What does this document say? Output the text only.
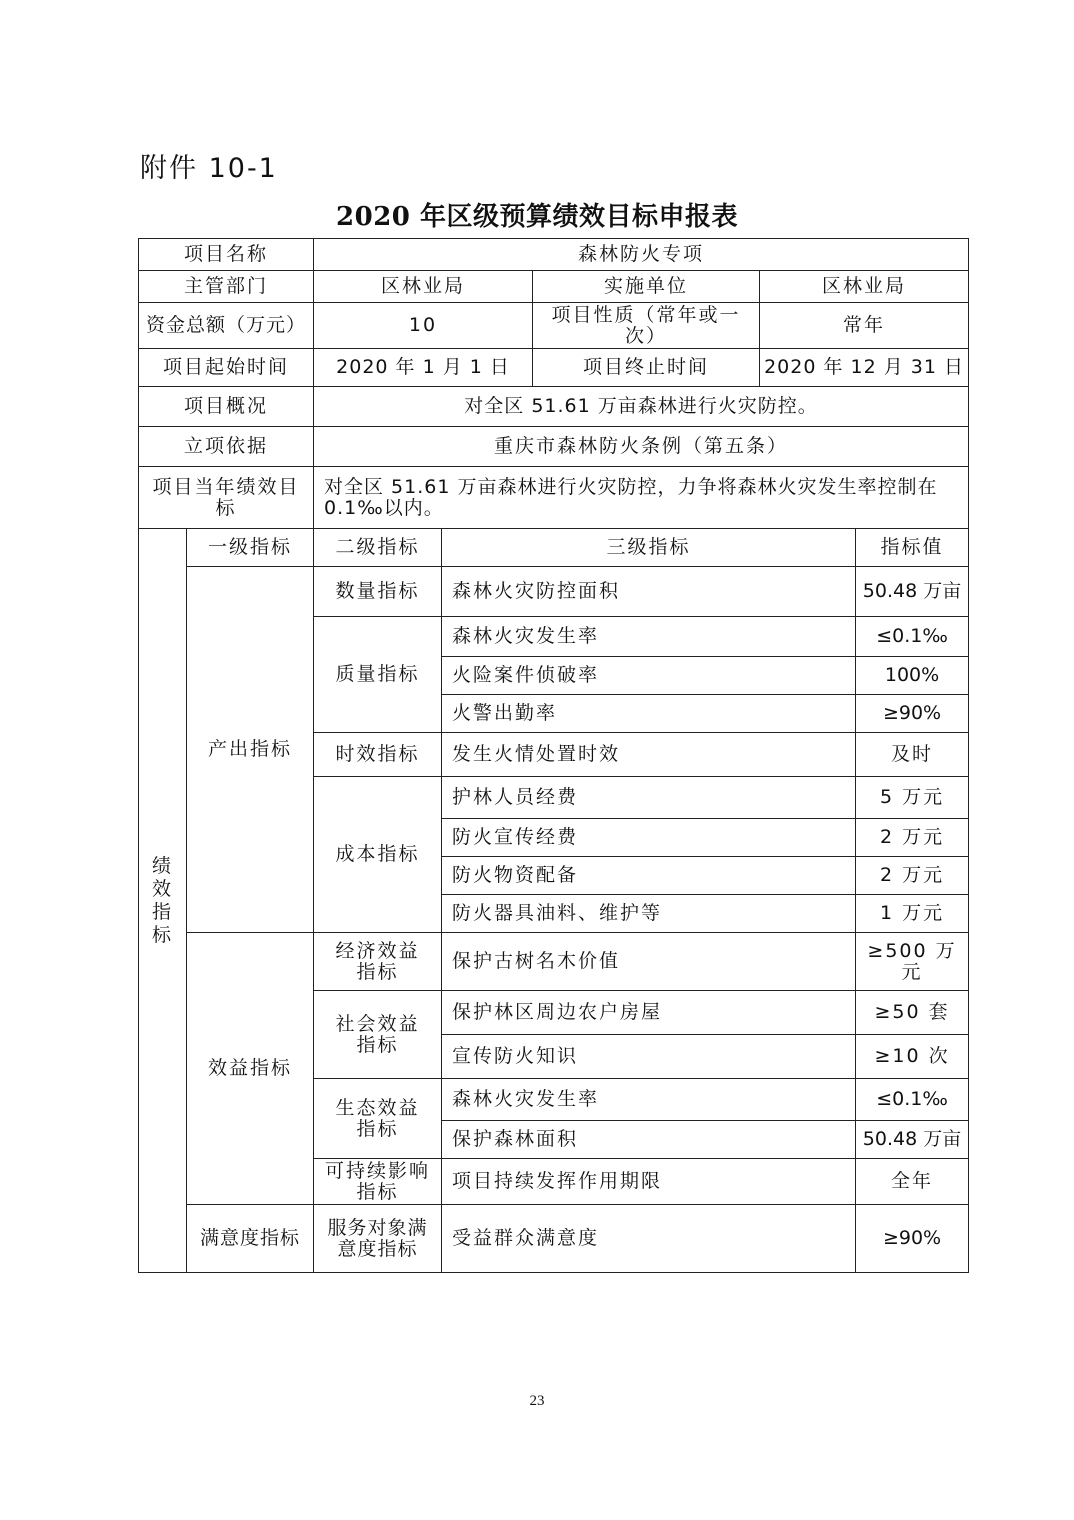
附件 10-1
2020 年区级预算绩效目标申报表
项目名称		森林防火专项				
主管部门		区林业局		实施单位	区林业局	
资金总额（万元）		10		项目性质（常年或一次）	常年	
项目起始时间		2020 年 1 月 1 日		项目终止时间	2020 年 12 月 31 日	
项目概况		对全区 51.61 万亩森林进行火灾防控。				
立项依据		重庆市森林防火条例（第五条）				
项目当年绩效目标		对全区 51.61 万亩森林进行火灾防控，力争将森林火灾发生率控制在 0.1‰以内。				
绩效指标	一级指标	二级指标	三级指标			指标值
	产出指标	数量指标	森林火灾防控面积			50.48 万亩
		质量指标	森林火灾发生率			≤0.1‰
			火险案件侦破率			100%
			火警出勤率			≥90%
		时效指标	发生火情处置时效			及时
		成本指标	护林人员经费			5 万元
			防火宣传经费			2 万元
			防火物资配备			2 万元
			防火器具油料、维护等			1 万元
	效益指标	经济效益指标	保护古树名木价值			≥500 万元
		社会效益指标	保护林区周边农户房屋			≥50 套
			宣传防火知识			≥10 次
		生态效益指标	森林火灾发生率			≤0.1‰
			保护森林面积			50.48 万亩
		可持续影响指标	项目持续发挥作用期限			全年
	满意度指标	服务对象满意度指标	受益群众满意度			≥90%
23
